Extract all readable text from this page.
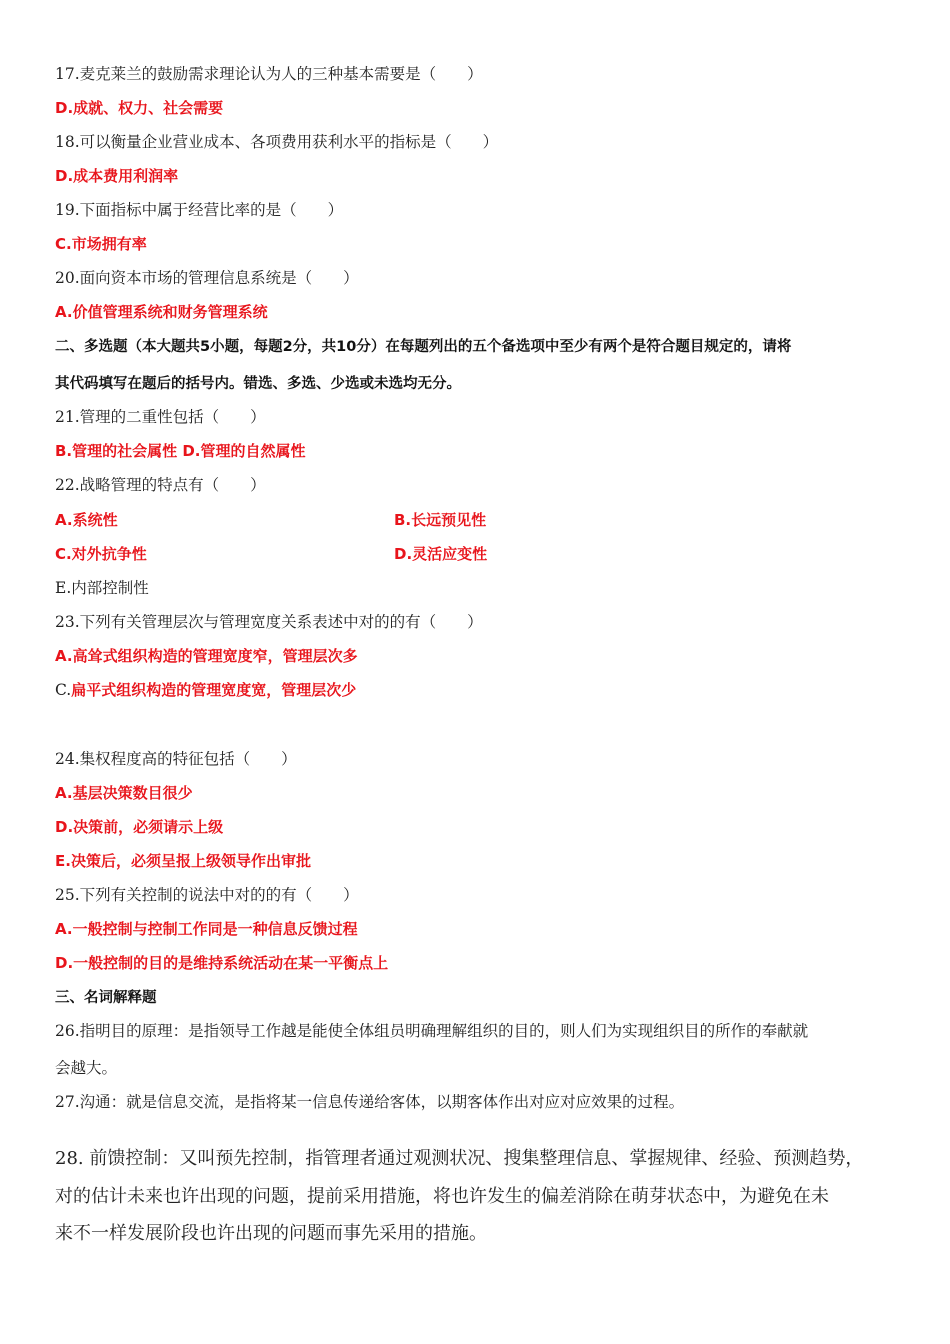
17.麦克莱兰的鼓励需求理论认为人的三种基本需要是（　　）
D.成就、权力、社会需要
18.可以衡量企业营业成本、各项费用获利水平的指标是（　　）
D.成本费用利润率
19.下面指标中属于经营比率的是（　　）
C.市场拥有率
20.面向资本市场的管理信息系统是（　　）
A.价值管理系统和财务管理系统
二、多选题（本大题共5小题，每题2分，共10分）在每题列出的五个备选项中至少有两个是符合题目规定的，请将
其代码填写在题后的括号内。错选、多选、少选或未选均无分。
21.管理的二重性包括（　　）
B.管理的社会属性 D.管理的自然属性
22.战略管理的特点有（　　）
A.系统性	B.长远预见性
C.对外抗争性	D.灵活应变性
E.内部控制性
23.下列有关管理层次与管理宽度关系表述中对的的有（　　）
A.高耸式组织构造的管理宽度窄，管理层次多
C.扁平式组织构造的管理宽度宽，管理层次少
24.集权程度高的特征包括（　　）
A.基层决策数目很少
D.决策前，必须请示上级
E.决策后，必须呈报上级领导作出审批
25.下列有关控制的说法中对的的有（　　）
A.一般控制与控制工作同是一种信息反馈过程
D.一般控制的目的是维持系统活动在某一平衡点上
三、名词解释题
26.指明目的原理：是指领导工作越是能使全体组员明确理解组织的目的，则人们为实现组织目的所作的奉献就
会越大。
27.沟通：就是信息交流，是指将某一信息传递给客体，以期客体作出对应对应效果的过程。
28. 前馈控制：又叫预先控制，指管理者通过观测状况、搜集整理信息、掌握规律、经验、预测趋势，
对的估计未来也许出现的问题，提前采用措施，将也许发生的偏差消除在萌芽状态中，为避免在未
来不一样发展阶段也许出现的问题而事先采用的措施。
